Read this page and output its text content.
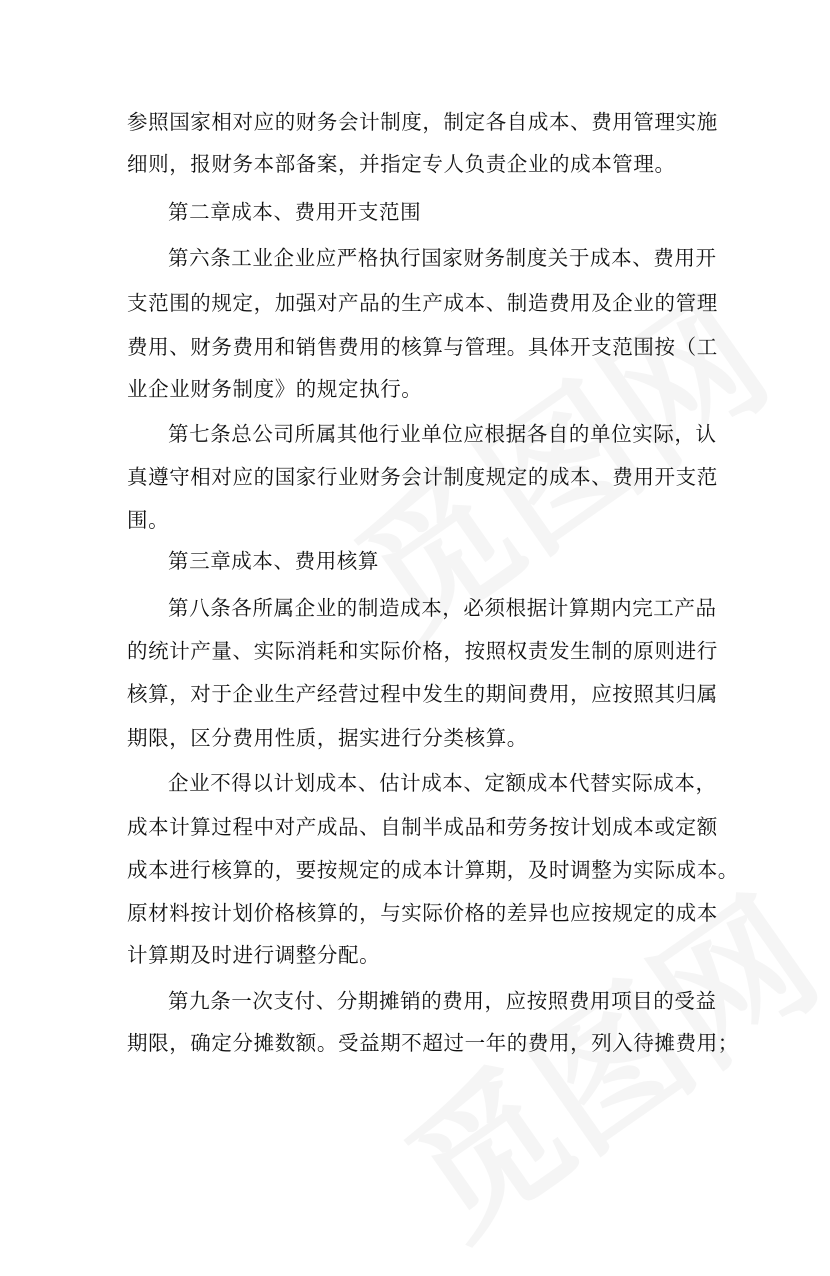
参照国家相对应的财务会计制度，制定各自成本、费用管理实施
细则，报财务本部备案，并指定专人负责企业的成本管理。
第二章成本、费用开支范围
第六条工业企业应严格执行国家财务制度关于成本、费用开
支范围的规定，加强对产品的生产成本、制造费用及企业的管理
费用、财务费用和销售费用的核算与管理。具体开支范围按（工
业企业财务制度》的规定执行。
第七条总公司所属其他行业单位应根据各自的单位实际，认
真遵守相对应的国家行业财务会计制度规定的成本、费用开支范
围。
第三章成本、费用核算
第八条各所属企业的制造成本，必须根据计算期内完工产品
的统计产量、实际消耗和实际价格，按照权责发生制的原则进行
核算，对于企业生产经营过程中发生的期间费用，应按照其归属
期限，区分费用性质，据实进行分类核算。
企业不得以计划成本、估计成本、定额成本代替实际成本，
成本计算过程中对产成品、自制半成品和劳务按计划成本或定额
成本进行核算的，要按规定的成本计算期，及时调整为实际成本。
原材料按计划价格核算的，与实际价格的差异也应按规定的成本
计算期及时进行调整分配。
第九条一次支付、分期摊销的费用，应按照费用项目的受益
期限，确定分摊数额。受益期不超过一年的费用，列入待摊费用；
